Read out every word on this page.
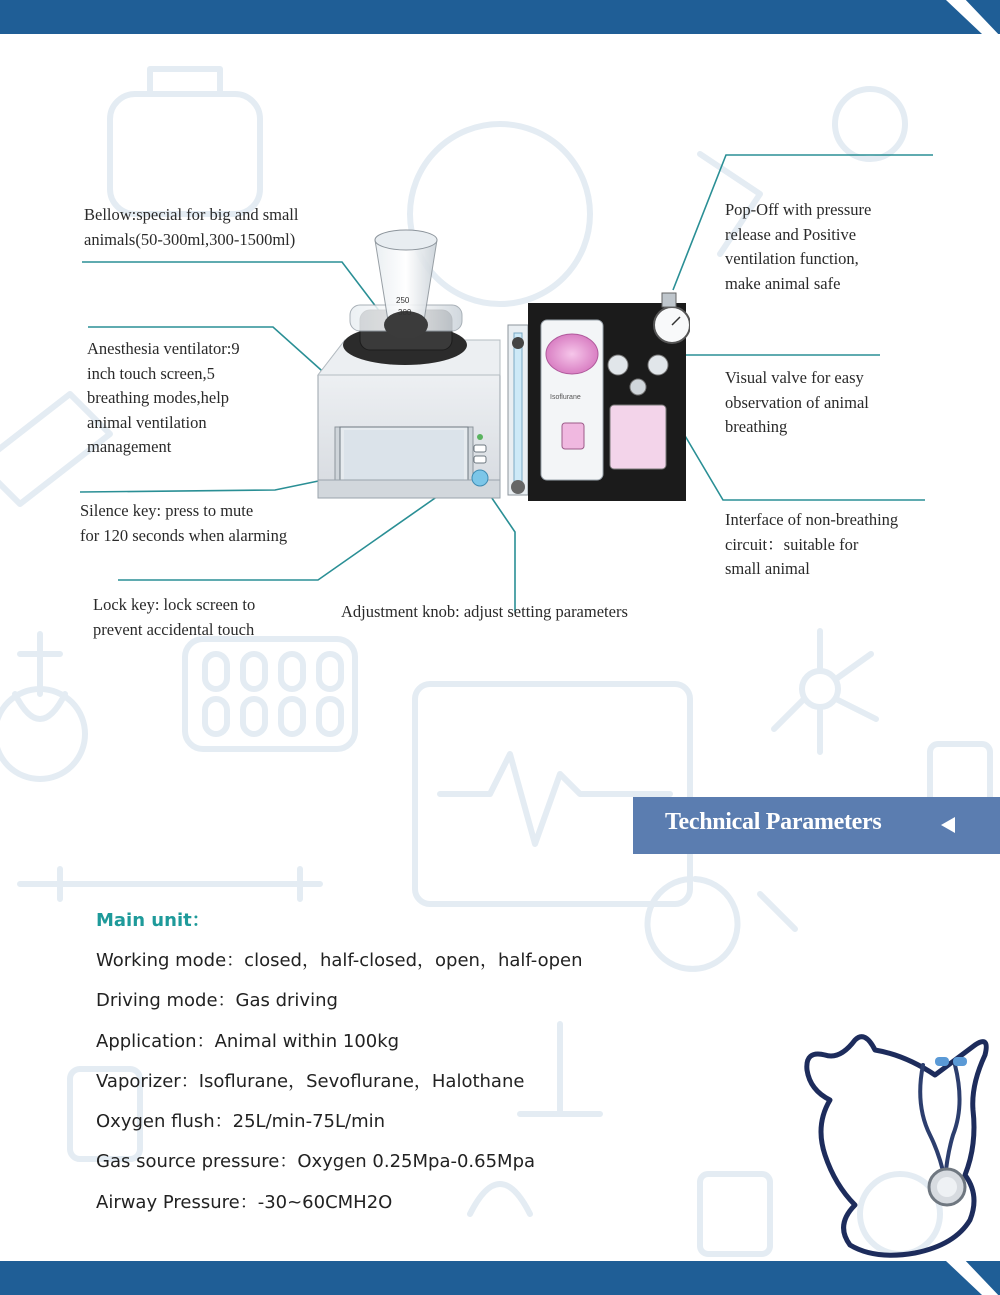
Bellow:special for big and small
animals(50-300ml,300-1500ml)
Anesthesia ventilator:9
inch touch screen,5
breathing modes,help
animal ventilation
management
Silence key: press to mute
for 120 seconds when alarming
Lock key: lock screen to
prevent accidental touch
Adjustment knob: adjust setting parameters
Pop-Off with pressure
release and Positive
ventilation function,
make animal safe
Visual valve for easy
observation of animal
breathing
Interface of non-breathing
circuit：suitable for
small animal
250
300
Isoflurane
Technical Parameters
Main unit：
Working mode：closed，half-closed，open，half-open
Driving mode：Gas driving
Application：Animal within 100kg
Vaporizer：Isoflurane，Sevoflurane，Halothane
Oxygen flush：25L/min-75L/min
Gas source pressure：Oxygen 0.25Mpa-0.65Mpa
Airway Pressure：-30~60CMH2O
